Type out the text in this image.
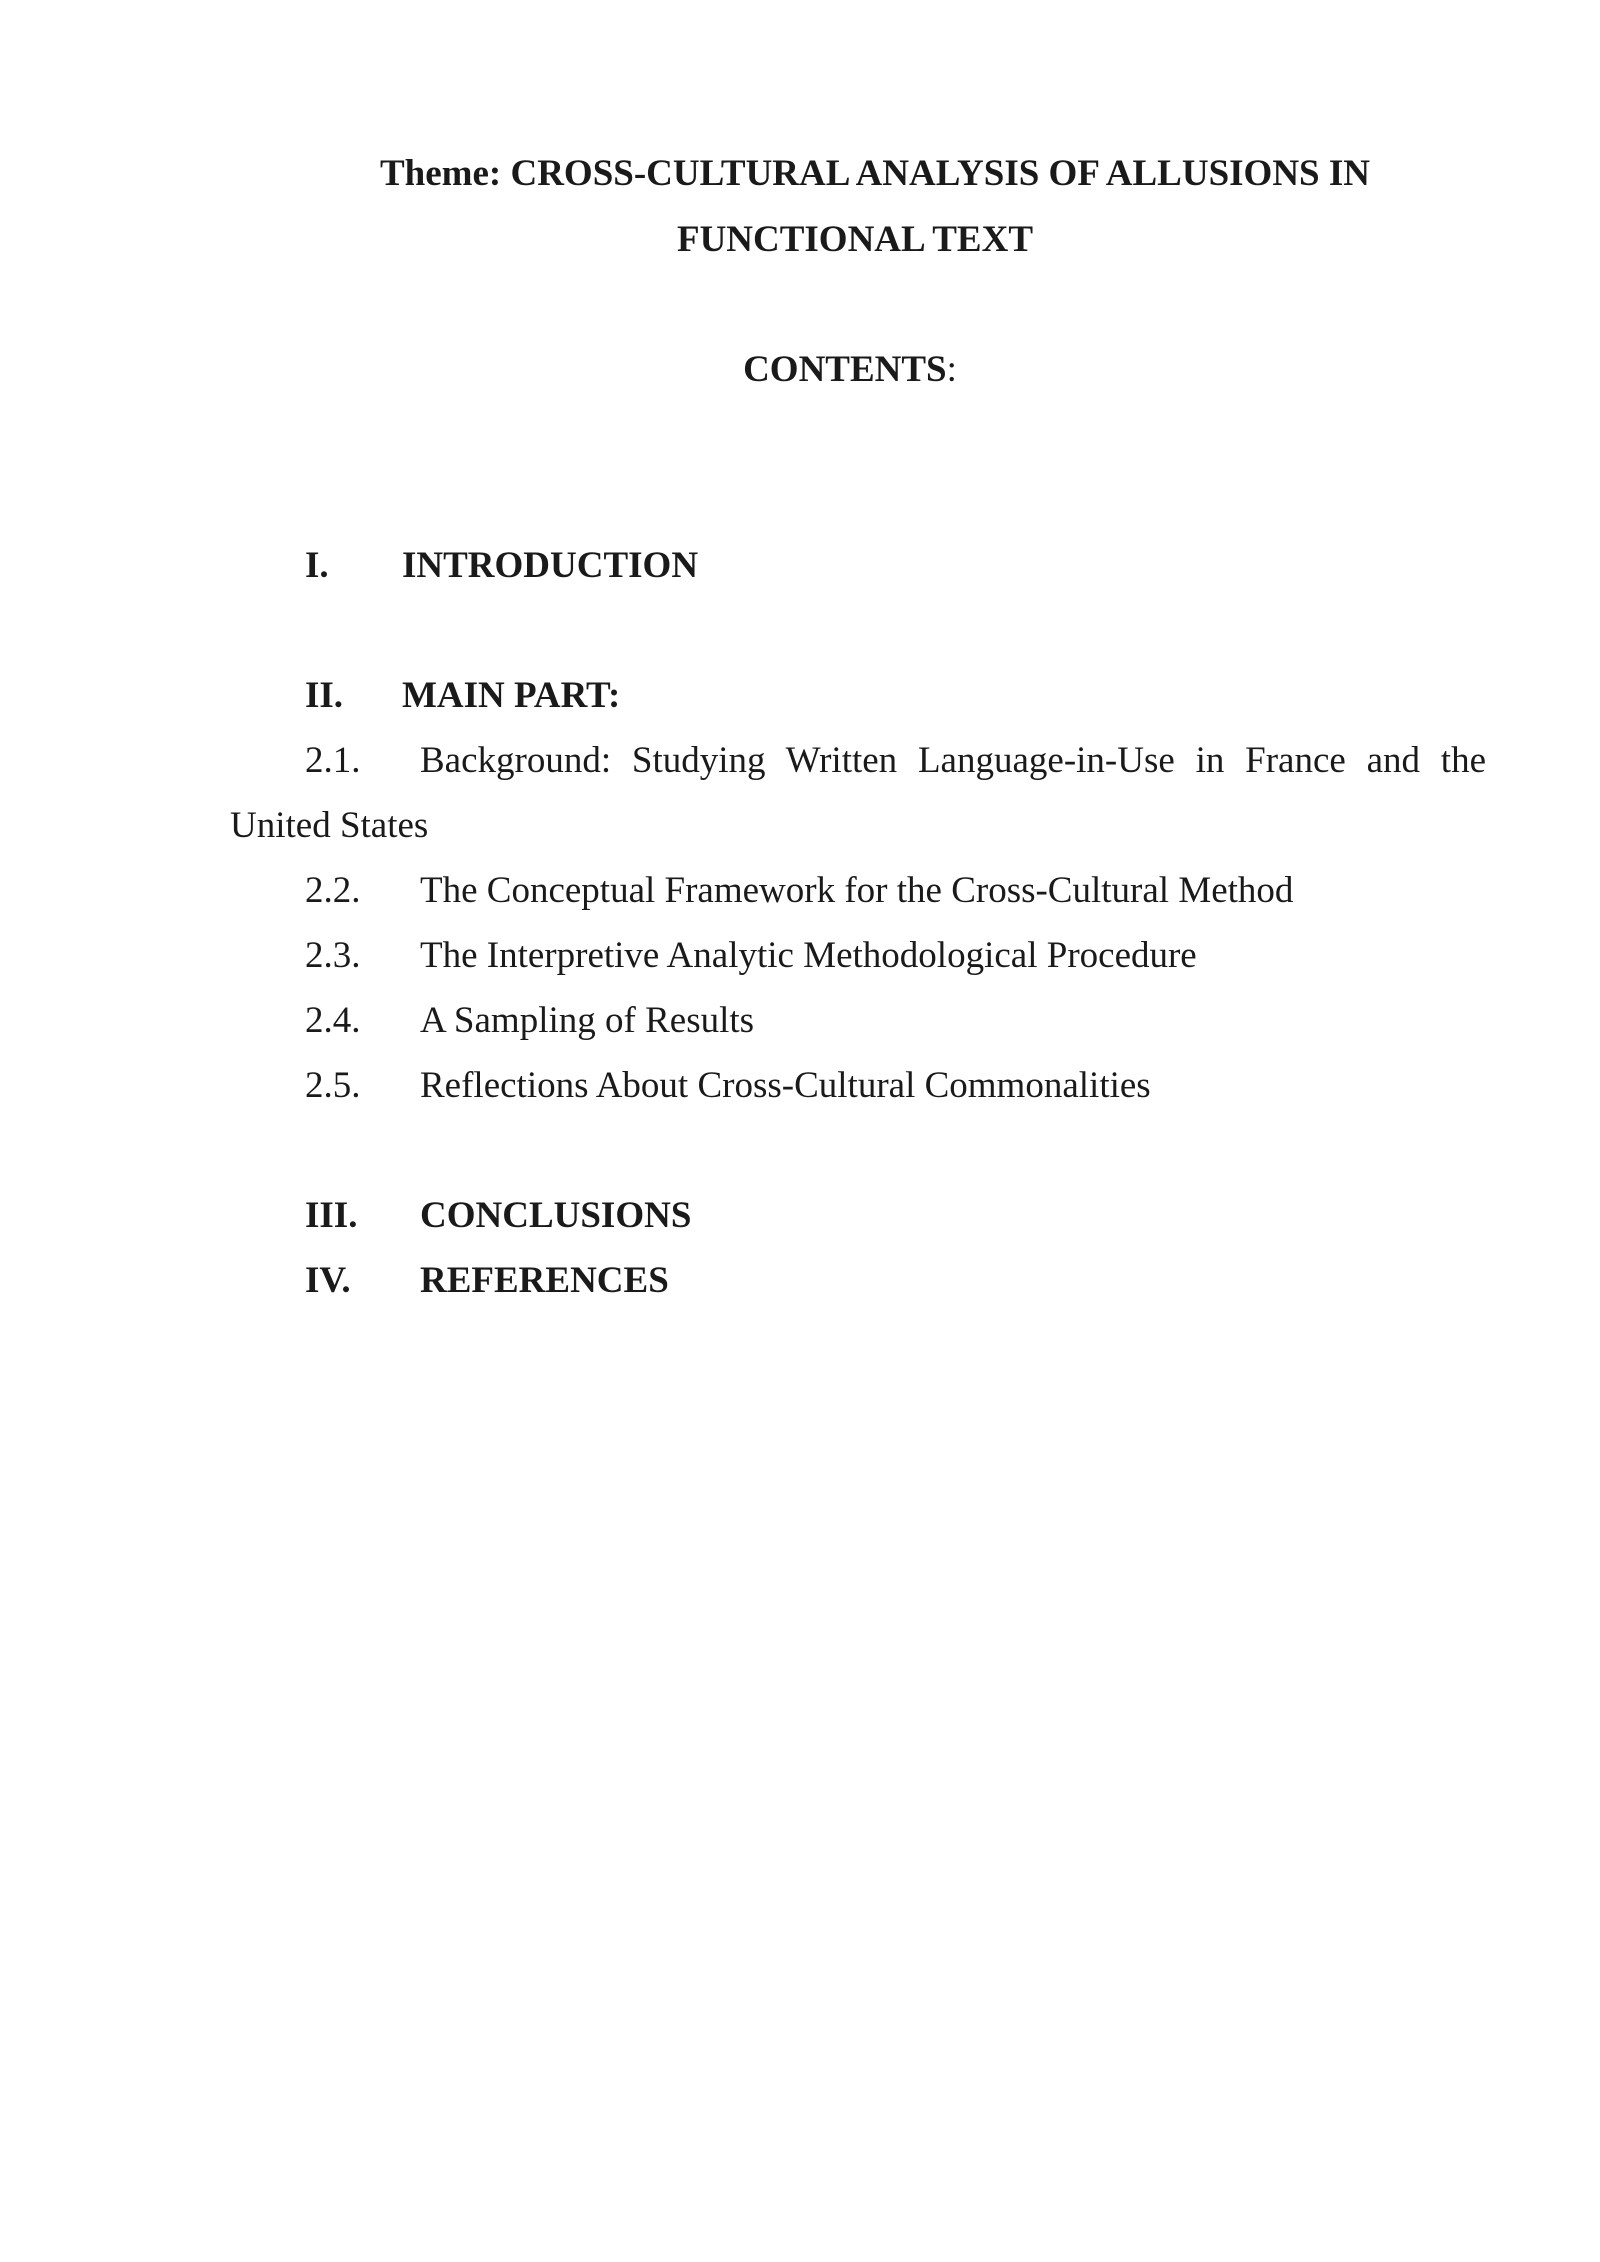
Theme: CROSS-CULTURAL ANALYSIS OF ALLUSIONS IN
FUNCTIONAL TEXT
CONTENTS:
I. INTRODUCTION
II. MAIN PART:
2.1. Background: Studying Written Language-in-Use in France and the
United States
2.2. The Conceptual Framework for the Cross-Cultural Method
2.3. The Interpretive Analytic Methodological Procedure
2.4. A Sampling of Results
2.5. Reflections About Cross-Cultural Commonalities
III. CONCLUSIONS
IV. REFERENCES
